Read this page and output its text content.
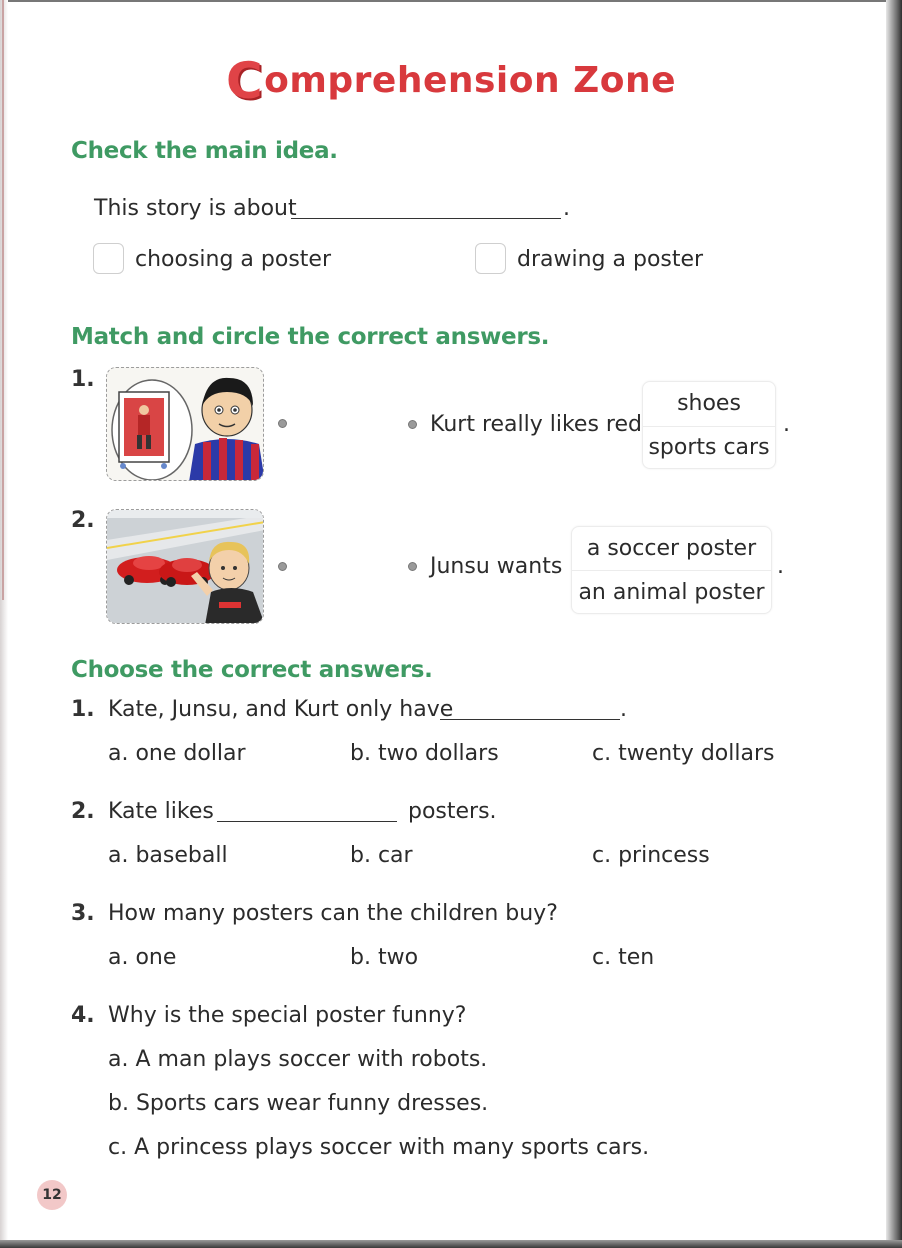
Comprehension Zone
Check the main idea.
This story is about	.
choosing a poster	drawing a poster
Match and circle the correct answers.
1.
Kurt really likes red
shoes
sports cars
.
2.
Junsu wants
a soccer poster
an animal poster
.
Choose the correct answers.
1. Kate, Junsu, and Kurt only have	.
a. one dollar	b. two dollars	c. twenty dollars
2. Kate likes	posters.
a. baseball	b. car	c. princess
3. How many posters can the children buy?
a. one	b. two	c. ten
4. Why is the special poster funny?
a. A man plays soccer with robots.
b. Sports cars wear funny dresses.
c. A princess plays soccer with many sports cars.
12
